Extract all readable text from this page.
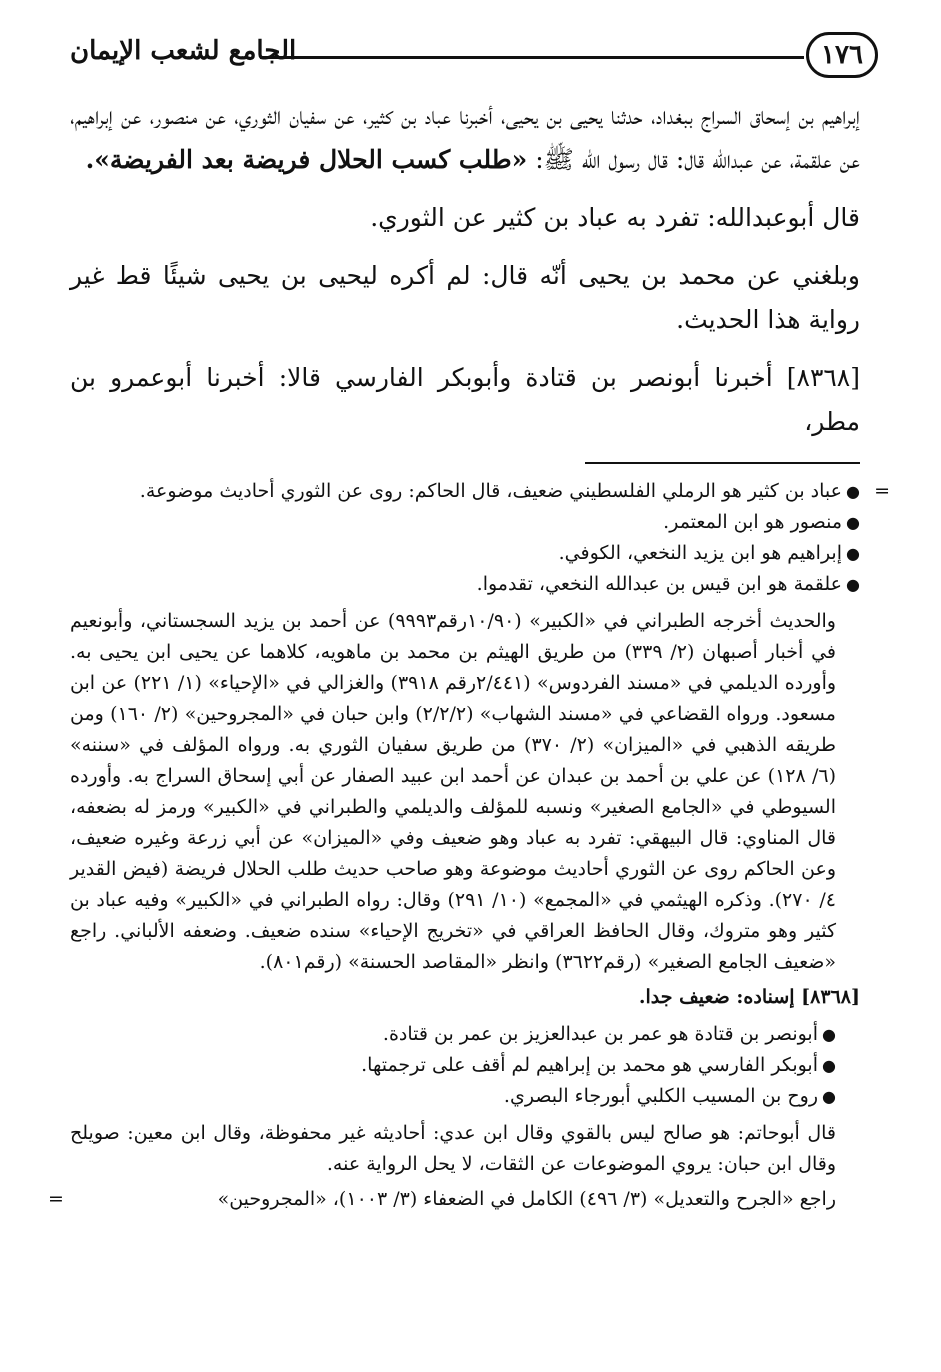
١٧٦
الجامع لشعب الإيمان

إبراهيم بن إسحاق السراج ببغداد، حدثنا يحيى بن يحيى، أخبرنا عباد بن كثير، عن سفيان الثوري، عن منصور، عن إبراهيم، عن علقمة، عن عبدالله قال: قال رسول الله ﷺ: «طلب كسب الحلال فريضة بعد الفريضة».

قال أبوعبدالله: تفرد به عباد بن كثير عن الثوري.

وبلغني عن محمد بن يحيى أنّه قال: لم أكره ليحيى بن يحيى شيئًا قط غير رواية هذا الحديث.

[٨٣٦٨] أخبرنا أبونصر بن قتادة وأبوبكر الفارسي قالا: أخبرنا أبوعمرو بن مطر،

=
●
عباد بن كثير هو الرملي الفلسطيني ضعيف، قال الحاكم: روى عن الثوري أحاديث موضوعة.
●
منصور هو ابن المعتمر.
●
إبراهيم هو ابن يزيد النخعي، الكوفي.
●
علقمة هو ابن قيس بن عبدالله النخعي، تقدموا.

والحديث أخرجه الطبراني في «الكبير» (١٠/٩٠رقم٩٩٩٣) عن أحمد بن يزيد السجستاني، وأبونعيم في أخبار أصبهان (٢/ ٣٣٩) من طريق الهيثم بن محمد بن ماهويه، كلاهما عن يحيى ابن يحيى به. وأورده الديلمي في «مسند الفردوس» (٢/٤٤١رقم ٣٩١٨) والغزالي في «الإحياء» (١/ ٢٢١) عن ابن مسعود. ورواه القضاعي في «مسند الشهاب» (٢/٢/٢) وابن حبان في «المجروحين» (٢/ ١٦٠) ومن طريقه الذهبي في «الميزان» (٢/ ٣٧٠) من طريق سفيان الثوري به. ورواه المؤلف في «سننه» (٦/ ١٢٨) عن علي بن أحمد بن عبدان عن أحمد ابن عبيد الصفار عن أبي إسحاق السراج به. وأورده السيوطي في «الجامع الصغير» ونسبه للمؤلف والديلمي والطبراني في «الكبير» ورمز له بضعفه، قال المناوي: قال البيهقي: تفرد به عباد وهو ضعيف وفي «الميزان» عن أبي زرعة وغيره ضعيف، وعن الحاكم روى عن الثوري أحاديث موضوعة وهو صاحب حديث طلب الحلال فريضة (فيض القدير ٤/ ٢٧٠). وذكره الهيثمي في «المجمع» (١٠/ ٢٩١) وقال: رواه الطبراني في «الكبير» وفيه عباد بن كثير وهو متروك، وقال الحافظ العراقي في «تخريج الإحياء» سنده ضعيف. وضعفه الألباني. راجع «ضعيف الجامع الصغير» (رقم٣٦٢٢) وانظر «المقاصد الحسنة» (رقم٨٠١).

[٨٣٦٨] إسناده: ضعيف جدا.
●
أبونصر بن قتادة هو عمر بن عبدالعزيز بن عمر بن قتادة.
●
أبوبكر الفارسي هو محمد بن إبراهيم لم أقف على ترجمتها.
●
روح بن المسيب الكلبي أبورجاء البصري.

قال أبوحاتم: هو صالح ليس بالقوي وقال ابن عدي: أحاديثه غير محفوظة، وقال ابن معين: صويلح وقال ابن حبان: يروي الموضوعات عن الثقات، لا يحل الرواية عنه.

راجع «الجرح والتعديل» (٣/ ٤٩٦) الكامل في الضعفاء (٣/ ١٠٠٣)، «المجروحين»
=
